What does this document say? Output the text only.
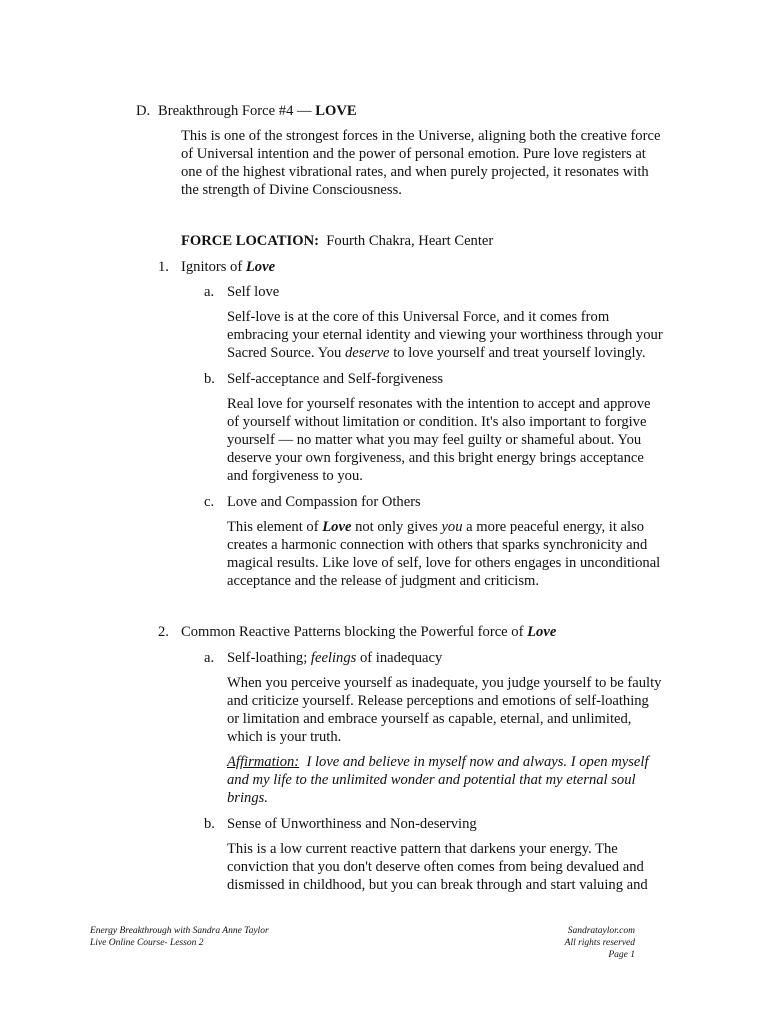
D. Breakthrough Force #4 — LOVE
This is one of the strongest forces in the Universe, aligning both the creative force
of Universal intention and the power of personal emotion. Pure love registers at
one of the highest vibrational rates, and when purely projected, it resonates with
the strength of Divine Consciousness.
FORCE LOCATION: Fourth Chakra, Heart Center
1. Ignitors of Love
a. Self love
Self-love is at the core of this Universal Force, and it comes from
embracing your eternal identity and viewing your worthiness through your
Sacred Source. You deserve to love yourself and treat yourself lovingly.
b. Self-acceptance and Self-forgiveness
Real love for yourself resonates with the intention to accept and approve
of yourself without limitation or condition. It's also important to forgive
yourself — no matter what you may feel guilty or shameful about. You
deserve your own forgiveness, and this bright energy brings acceptance
and forgiveness to you.
c. Love and Compassion for Others
This element of Love not only gives you a more peaceful energy, it also
creates a harmonic connection with others that sparks synchronicity and
magical results. Like love of self, love for others engages in unconditional
acceptance and the release of judgment and criticism.
2. Common Reactive Patterns blocking the Powerful force of Love
a. Self-loathing; feelings of inadequacy
When you perceive yourself as inadequate, you judge yourself to be faulty
and criticize yourself. Release perceptions and emotions of self-loathing
or limitation and embrace yourself as capable, eternal, and unlimited,
which is your truth.
Affirmation: I love and believe in myself now and always. I open myself
and my life to the unlimited wonder and potential that my eternal soul
brings.
b. Sense of Unworthiness and Non-deserving
This is a low current reactive pattern that darkens your energy. The
conviction that you don't deserve often comes from being devalued and
dismissed in childhood, but you can break through and start valuing and
Energy Breakthrough with Sandra Anne Taylor
Live Online Course- Lesson 2
Sandrataylor.com
All rights reserved
Page 1
